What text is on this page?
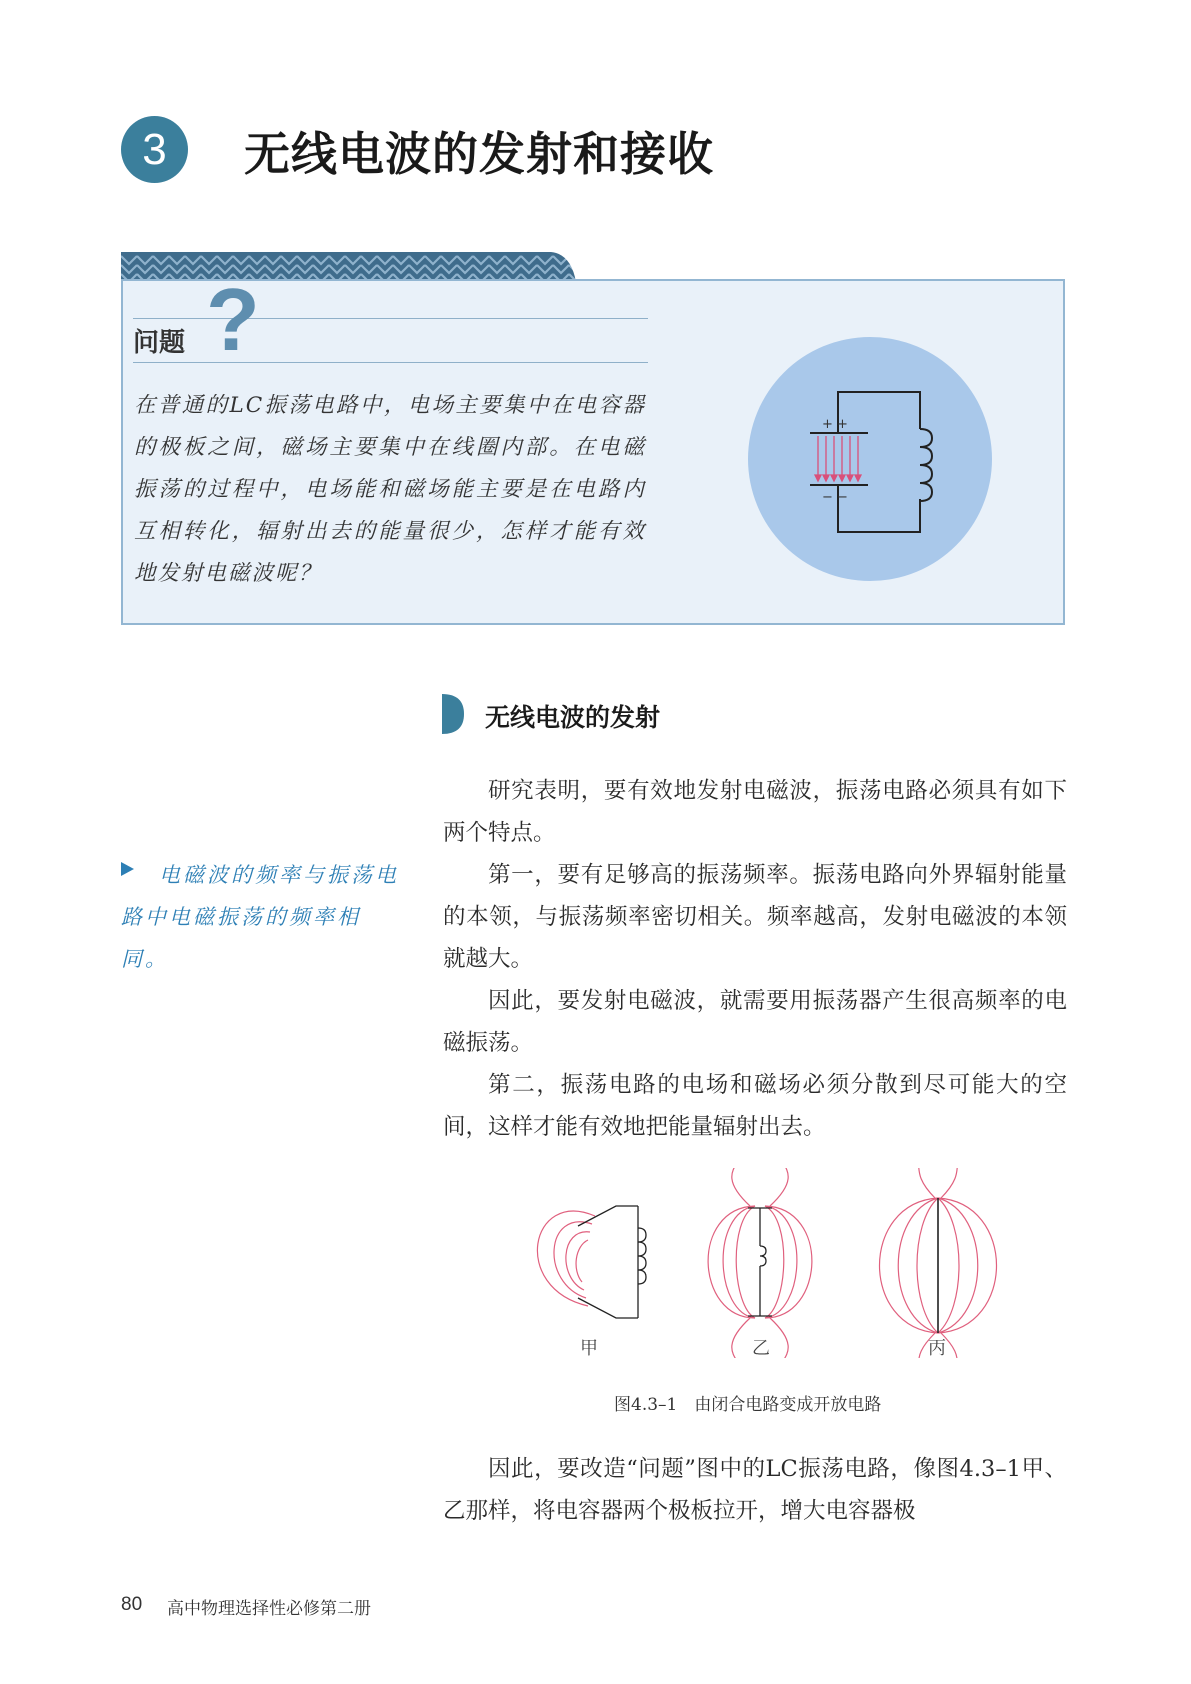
3	无线电波的发射和接收
问题 ?

在普通的LC振荡电路中，电场主要集中在电容器的极板之间，磁场主要集中在线圈内部。在电磁振荡的过程中，电场能和磁场能主要是在电路内互相转化，辐射出去的能量很少，怎样才能有效地发射电磁波呢？

+ +
− −
无线电波的发射
电磁波的频率与振荡电路中电磁振荡的频率相同。

研究表明，要有效地发射电磁波，振荡电路必须具有如下两个特点。

第一，要有足够高的振荡频率。振荡电路向外界辐射能量的本领，与振荡频率密切相关。频率越高，发射电磁波的本领就越大。

因此，要发射电磁波，就需要用振荡器产生很高频率的电磁振荡。

第二，振荡电路的电场和磁场必须分散到尽可能大的空间，这样才能有效地把能量辐射出去。

甲	乙	丙
图4.3–1　由闭合电路变成开放电路

因此，要改造“问题”图中的LC振荡电路，像图4.3–1甲、乙那样，将电容器两个极板拉开，增大电容器极

80 高中物理选择性必修第二册
